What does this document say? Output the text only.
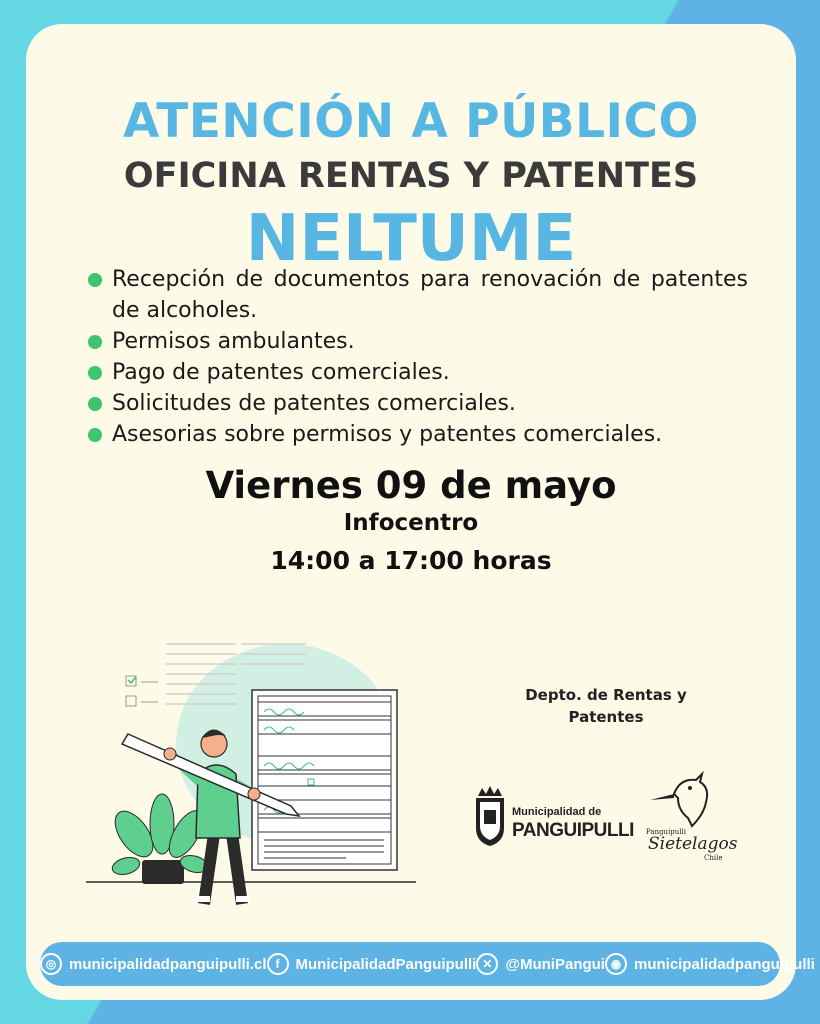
ATENCIÓN A PÚBLICO
OFICINA RENTAS Y PATENTES
NELTUME
Recepción de documentos para renovación de patentes de alcoholes.
Permisos ambulantes.
Pago de patentes comerciales.
Solicitudes de patentes comerciales.
Asesorias sobre permisos y patentes comerciales.
Viernes 09 de mayo
Infocentro
14:00 a 17:00 horas
Depto. de Rentas y
Patentes
Municipalidad de
PANGUIPULLI Panguipulli
Sietelagos
Chile
◎ municipalidadpanguipulli.cl f	MunicipalidadPanguipulli ✕ @MuniPangui ◉ municipalidadpanguipulli
